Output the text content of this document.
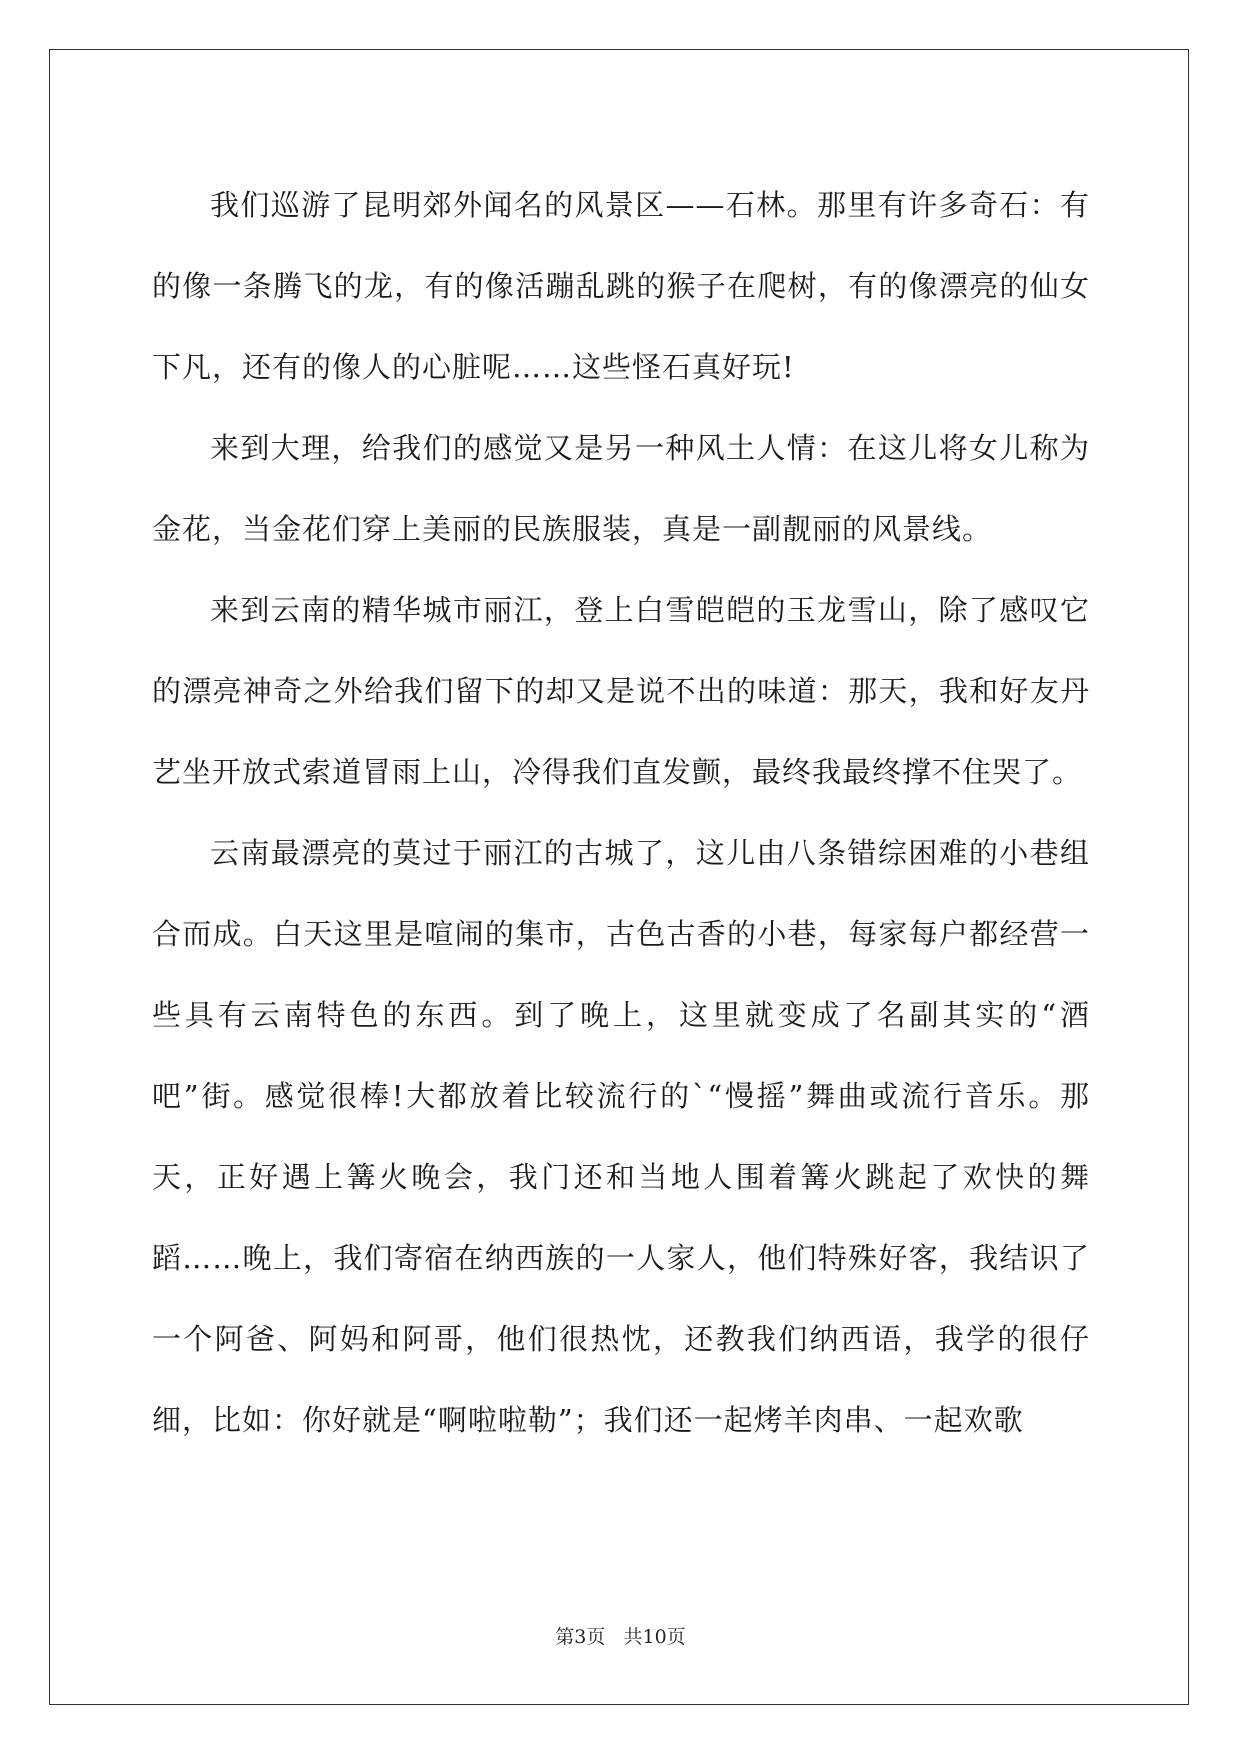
我们巡游了昆明郊外闻名的风景区——石林。那里有许多奇石：有的像一条腾飞的龙，有的像活蹦乱跳的猴子在爬树，有的像漂亮的仙女下凡，还有的像人的心脏呢……这些怪石真好玩!

来到大理，给我们的感觉又是另一种风土人情：在这儿将女儿称为金花，当金花们穿上美丽的民族服装，真是一副靓丽的风景线。

来到云南的精华城市丽江，登上白雪皑皑的玉龙雪山，除了感叹它的漂亮神奇之外给我们留下的却又是说不出的味道：那天，我和好友丹艺坐开放式索道冒雨上山，冷得我们直发颤，最终我最终撑不住哭了。

云南最漂亮的莫过于丽江的古城了，这儿由八条错综困难的小巷组合而成。白天这里是喧闹的集市，古色古香的小巷，每家每户都经营一些具有云南特色的东西。到了晚上，这里就变成了名副其实的“酒吧”街。感觉很棒!大都放着比较流行的`“慢摇”舞曲或流行音乐。那天，正好遇上篝火晚会，我门还和当地人围着篝火跳起了欢快的舞蹈……晚上，我们寄宿在纳西族的一人家人，他们特殊好客，我结识了一个阿爸、阿妈和阿哥，他们很热忱，还教我们纳西语，我学的很仔细，比如：你好就是“啊啦啦勒”；我们还一起烤羊肉串、一起欢歌

第3页   共10页
